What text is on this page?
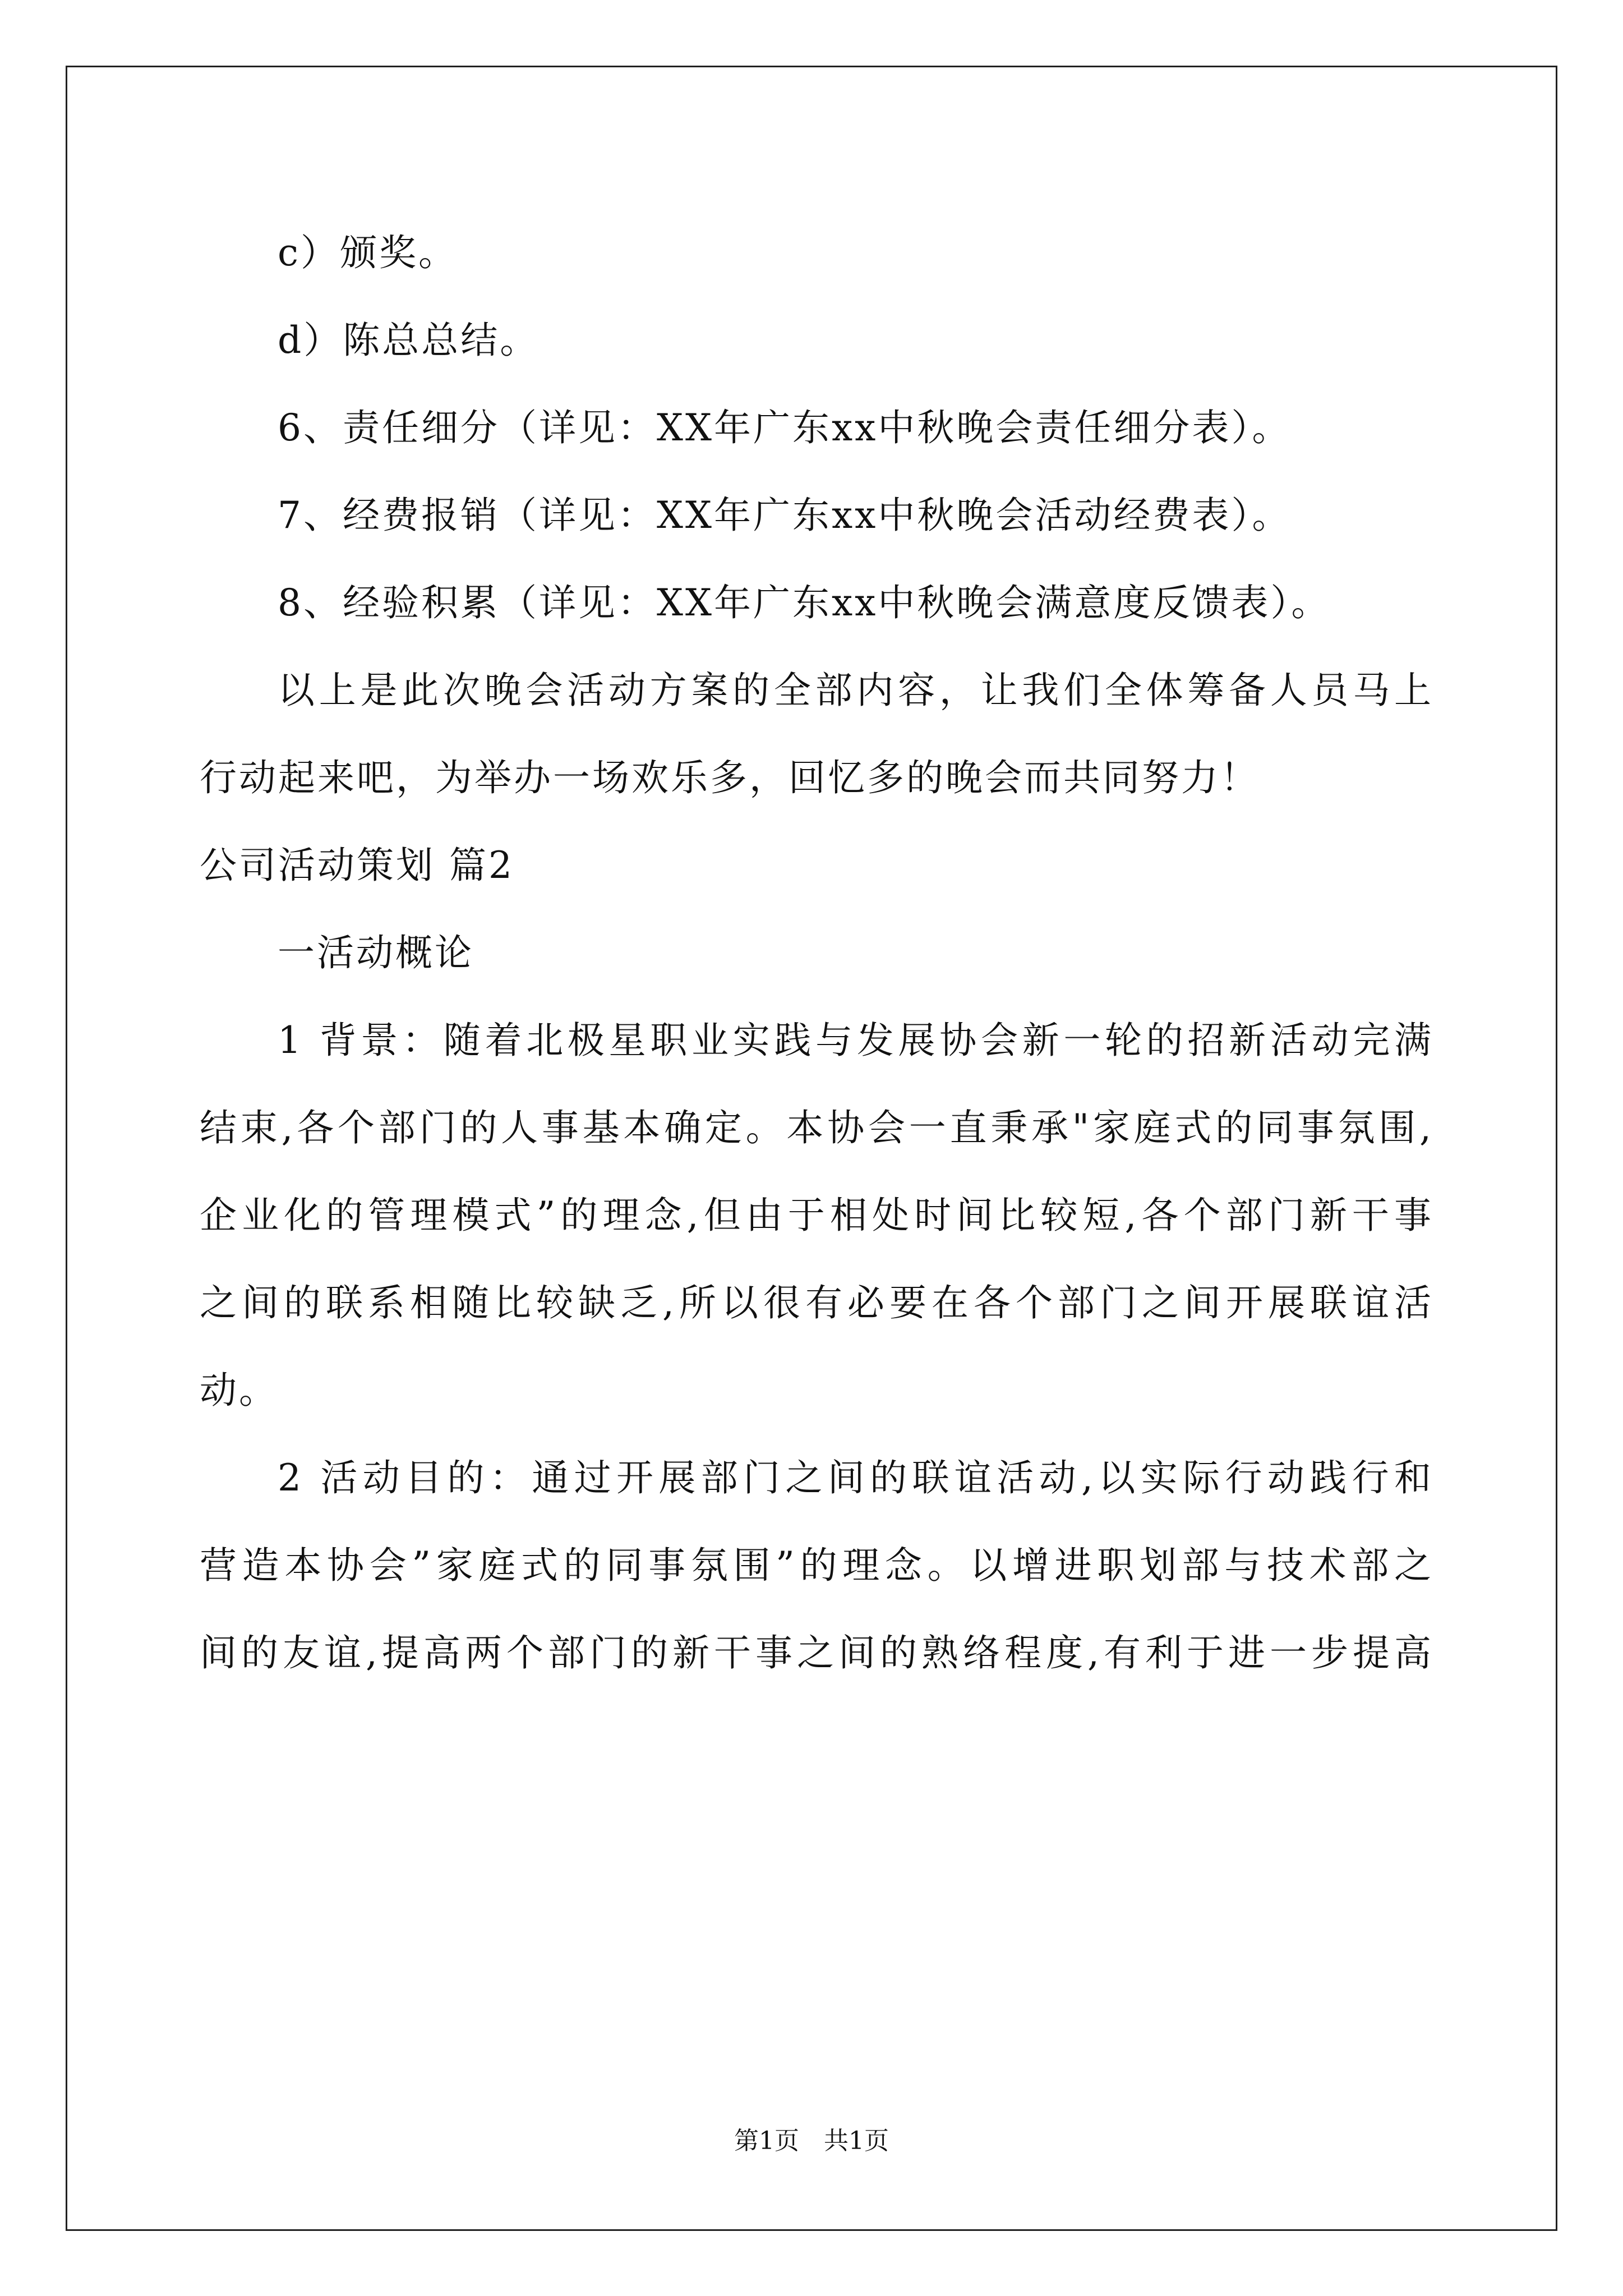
c）颁奖。
d）陈总总结。
6、责任细分（详见：XX年广东xx中秋晚会责任细分表）。
7、经费报销（详见：XX年广东xx中秋晚会活动经费表）。
8、经验积累（详见：XX年广东xx中秋晚会满意度反馈表）。
以上是此次晚会活动方案的全部内容，让我们全体筹备人员马上
行动起来吧，为举办一场欢乐多，回忆多的晚会而共同努力！
公司活动策划 篇2
一活动概论
1 背景：随着北极星职业实践与发展协会新一轮的招新活动完满
结束,各个部门的人事基本确定。本协会一直秉承"家庭式的同事氛围,
企业化的管理模式”的理念,但由于相处时间比较短,各个部门新干事
之间的联系相随比较缺乏,所以很有必要在各个部门之间开展联谊活
动。
2 活动目的：通过开展部门之间的联谊活动,以实际行动践行和
营造本协会”家庭式的同事氛围”的理念。以增进职划部与技术部之
间的友谊,提高两个部门的新干事之间的熟络程度,有利于进一步提高
第1页　共1页
